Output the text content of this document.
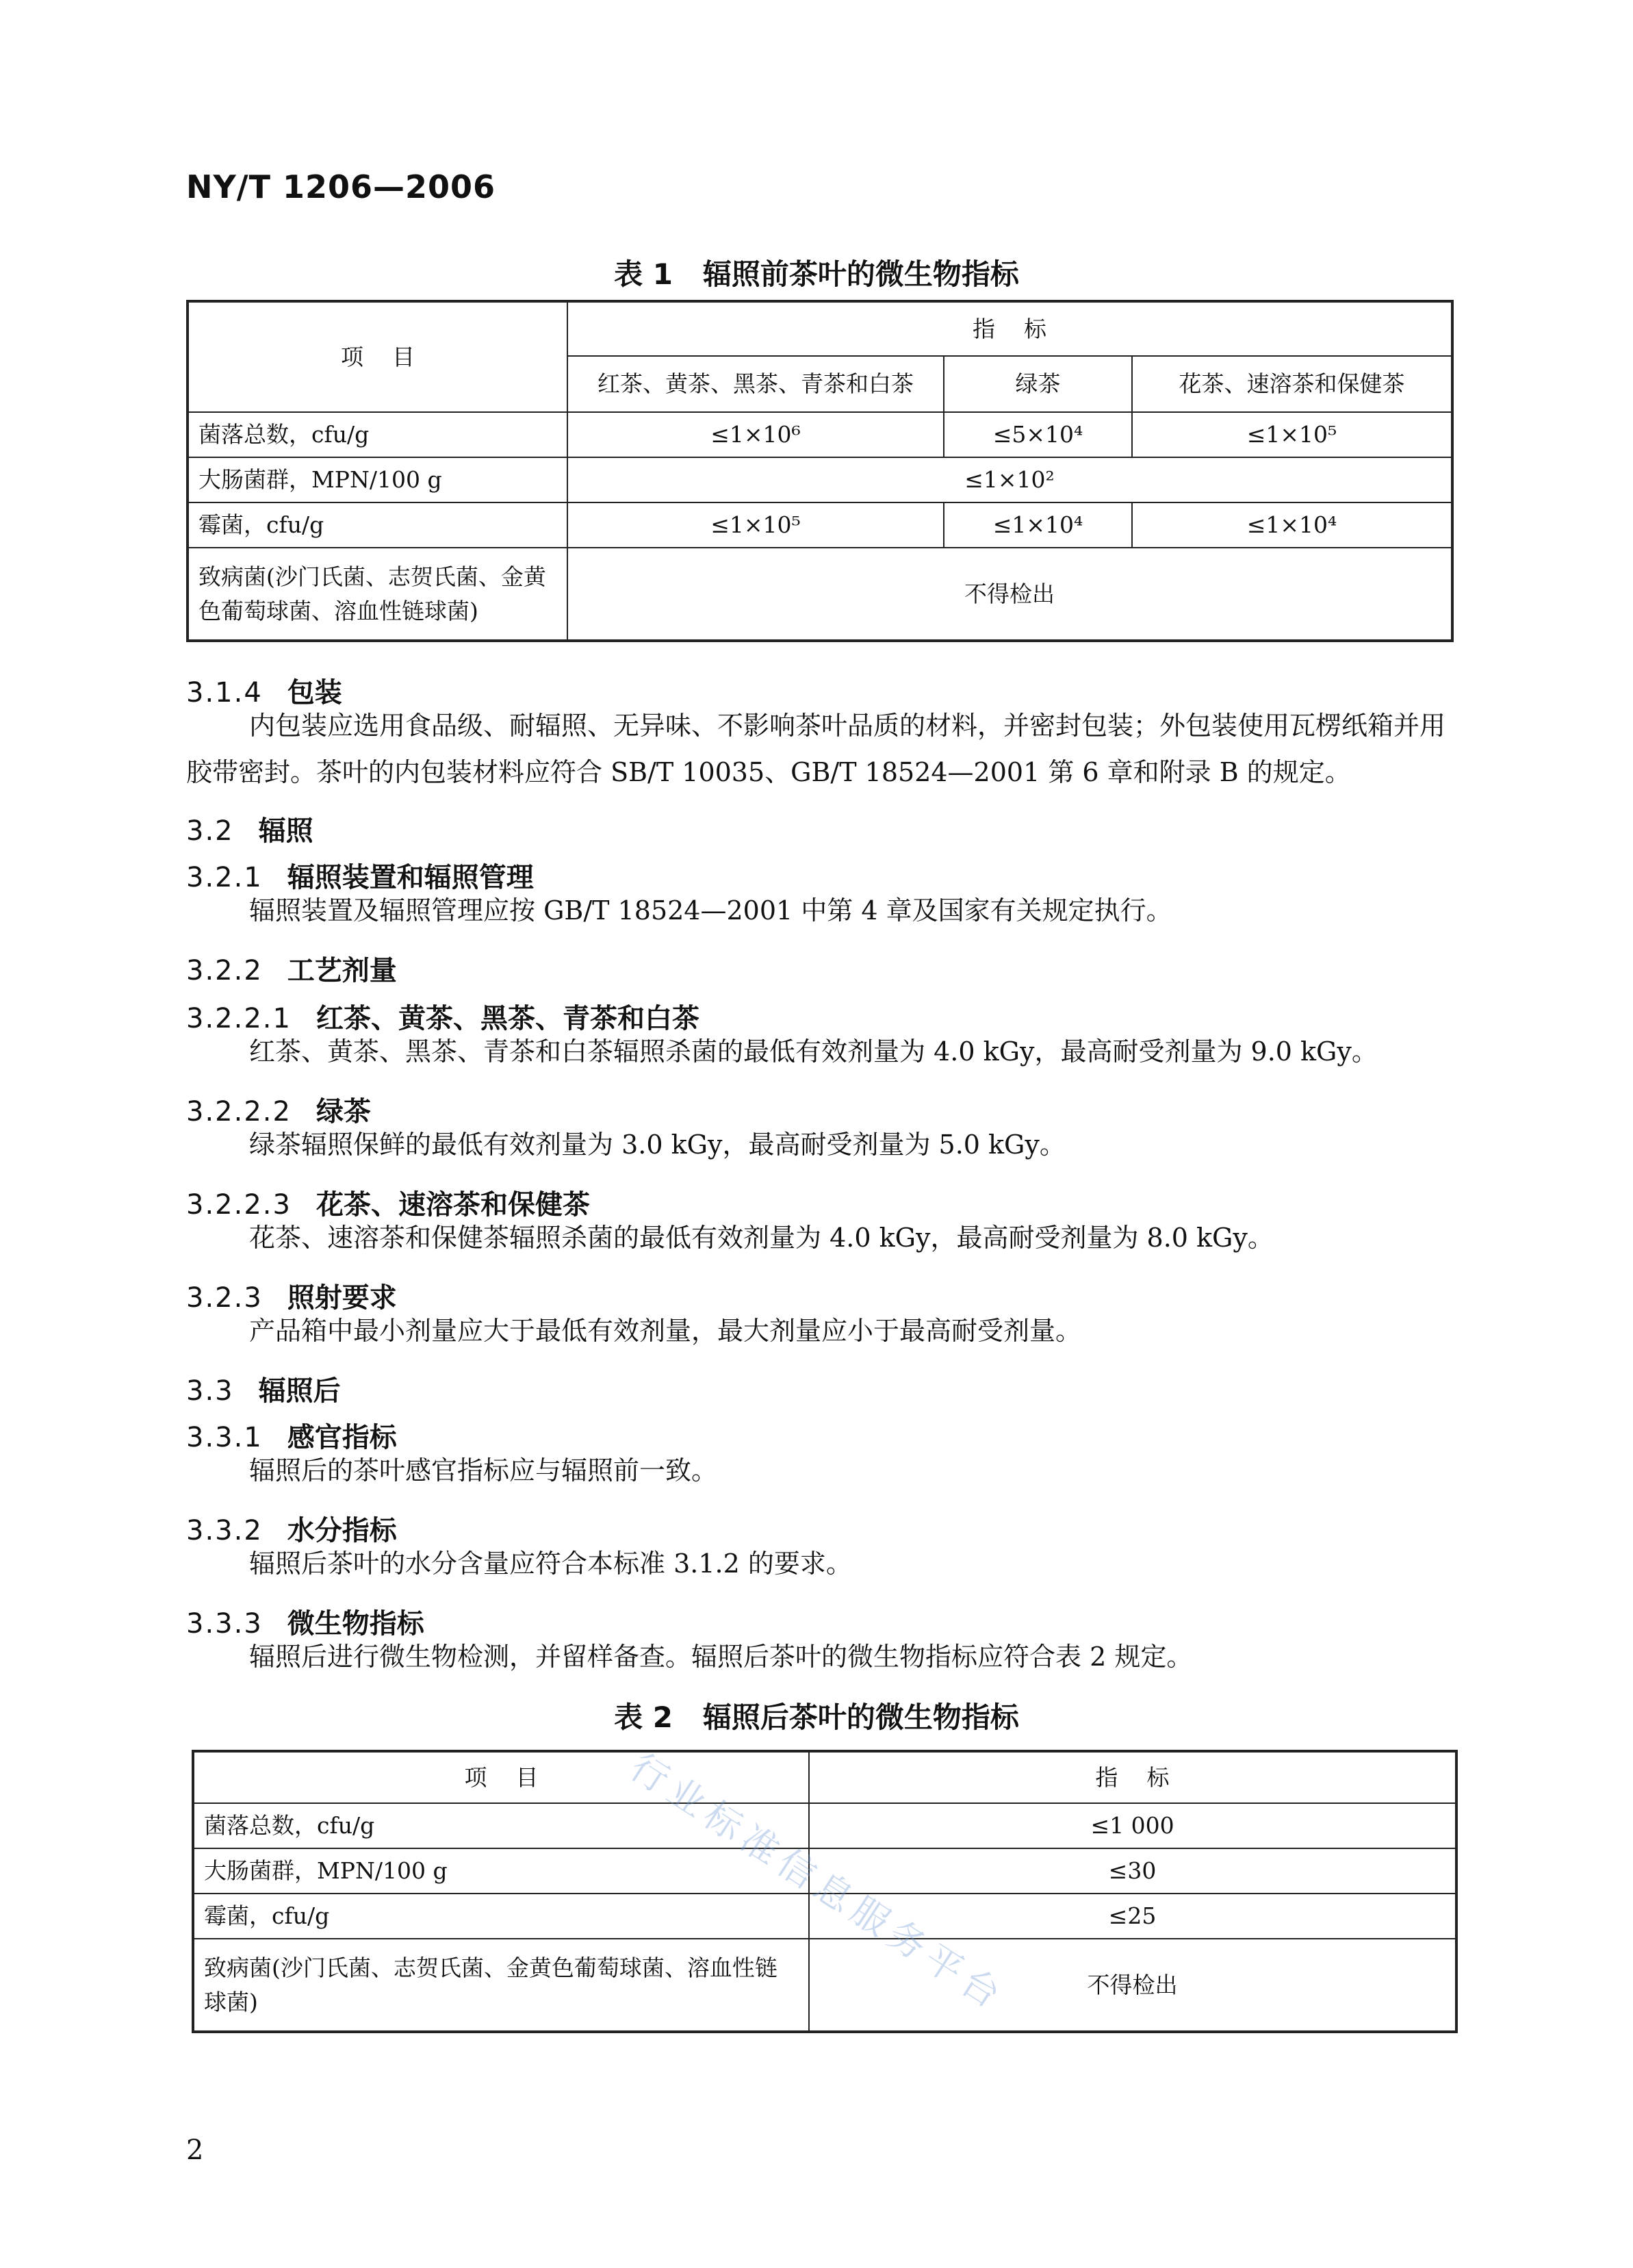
NY/T 1206—2006
表 1   辐照前茶叶的微生物指标
项    目	指    标		
	红茶、黄茶、黑茶、青茶和白茶	绿茶	花茶、速溶茶和保健茶
菌落总数，cfu/g	≤1×10⁶	≤5×10⁴	≤1×10⁵
大肠菌群，MPN/100 g	≤1×10²		
霉菌，cfu/g	≤1×10⁵	≤1×10⁴	≤1×10⁴
致病菌(沙门氏菌、志贺氏菌、金黄色葡萄球菌、溶血性链球菌)	不得检出		
3.1.4 包装
内包装应选用食品级、耐辐照、无异味、不影响茶叶品质的材料，并密封包装；外包装使用瓦楞纸箱并用胶带密封。茶叶的内包装材料应符合 SB/T 10035、GB/T 18524—2001 第 6 章和附录 B 的规定。
3.2 辐照
3.2.1 辐照装置和辐照管理
辐照装置及辐照管理应按 GB/T 18524—2001 中第 4 章及国家有关规定执行。
3.2.2 工艺剂量
3.2.2.1 红茶、黄茶、黑茶、青茶和白茶
红茶、黄茶、黑茶、青茶和白茶辐照杀菌的最低有效剂量为 4.0 kGy，最高耐受剂量为 9.0 kGy。
3.2.2.2 绿茶
绿茶辐照保鲜的最低有效剂量为 3.0 kGy，最高耐受剂量为 5.0 kGy。
3.2.2.3 花茶、速溶茶和保健茶
花茶、速溶茶和保健茶辐照杀菌的最低有效剂量为 4.0 kGy，最高耐受剂量为 8.0 kGy。
3.2.3 照射要求
产品箱中最小剂量应大于最低有效剂量，最大剂量应小于最高耐受剂量。
3.3 辐照后
3.3.1 感官指标
辐照后的茶叶感官指标应与辐照前一致。
3.3.2 水分指标
辐照后茶叶的水分含量应符合本标准 3.1.2 的要求。
3.3.3 微生物指标
辐照后进行微生物检测，并留样备查。辐照后茶叶的微生物指标应符合表 2 规定。
表 2   辐照后茶叶的微生物指标
项    目	指    标
菌落总数，cfu/g	≤1 000
大肠菌群，MPN/100 g	≤30
霉菌，cfu/g	≤25
致病菌(沙门氏菌、志贺氏菌、金黄色葡萄球菌、溶血性链球菌)	不得检出
行业标准信息服务平台
2
